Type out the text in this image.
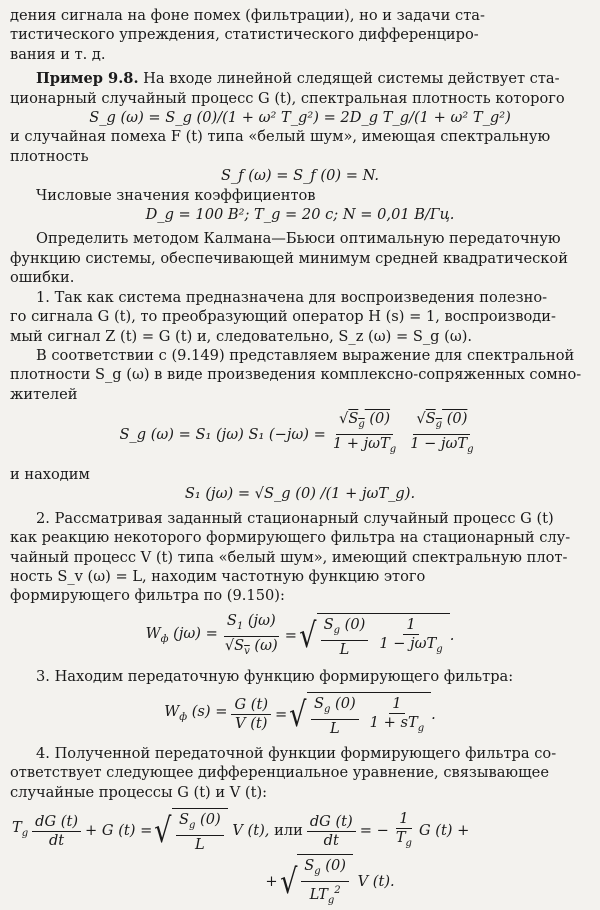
дения сигнала на фоне помех (фильтрации), но и задачи ста-

тистического упреждения, статистического дифференциро-

вания и т. д.

Пример 9.8. На входе линейной следящей системы действует ста-

ционарный случайный процесс G (t), спектральная плотность которого

S_g (ω) = S_g (0)/(1 + ω² T_g²) = 2D_g T_g/(1 + ω² T_g²)

и случайная помеха F (t) типа «белый шум», имеющая спектральную

плотность

S_f (ω) = S_f (0) = N.

Числовые значения коэффициентов

D_g = 100 В²; T_g = 20 с; N = 0,01 В/Гц.

Определить методом Калмана—Бьюси оптимальную передаточную

функцию системы, обеспечивающей минимум средней квадратической

ошибки.

1. Так как система предназначена для воспроизведения полезно-

го сигнала G (t), то преобразующий оператор H (s) = 1, воспроизводи-

мый сигнал Z (t) = G (t) и, следовательно, S_z (ω) = S_g (ω).

В соответствии с (9.149) представляем выражение для спектральной

плотности S_g (ω) в виде произведения комплексно-сопряженных сомно-

жителей

S_g (ω) = S₁ (jω) S₁ $(-j\omega) = \frac{√S_g (0)}{1 + j\omega T_g} \frac{√S_g (0)}{1 - j\omega T_g}$

и находим

S₁ (jω) = √S_g (0) /(1 + jωT_g).

2. Рассматривая заданный стационарный случайный процесс G (t)

как реакцию некоторого формирующего фильтра на стационарный слу-

чайный процесс V (t) типа «белый шум», имеющий спектральную плот-

ность S_v (ω) = L, находим частотную функцию этого

формирующего фильтра по (9.150):

$W_ф$ $(j\omega) = \frac{S_1 (j\omega)}{√S_v (\omega)}$ = √ $\frac{S_g (0)}{L} \frac{1}{1 - j\omega T_g}$ .

3. Находим передаточную функцию формирующего фильтра:

$W_ф$ $(s) = \frac{G (t)}{V (t)}$ = √ $\frac{S_g (0)}{L} \frac{1}{1 + sT_g}$ .

4. Полученной передаточной функции формирующего фильтра со-

ответствует следующее дифференциальное уравнение, связывающее

случайные процессы G (t) и V (t):

$T_g \frac{dG (t)}{dt} + G$ (t) = √ $\frac{S_g (0)}{L}$ V (t), или $\frac{dG (t)}{dt}$ = − $\frac{1}{T_g}$ G (t) +
+ √ $\frac{S_g (0)}{LT_g^2}$ V (t).
